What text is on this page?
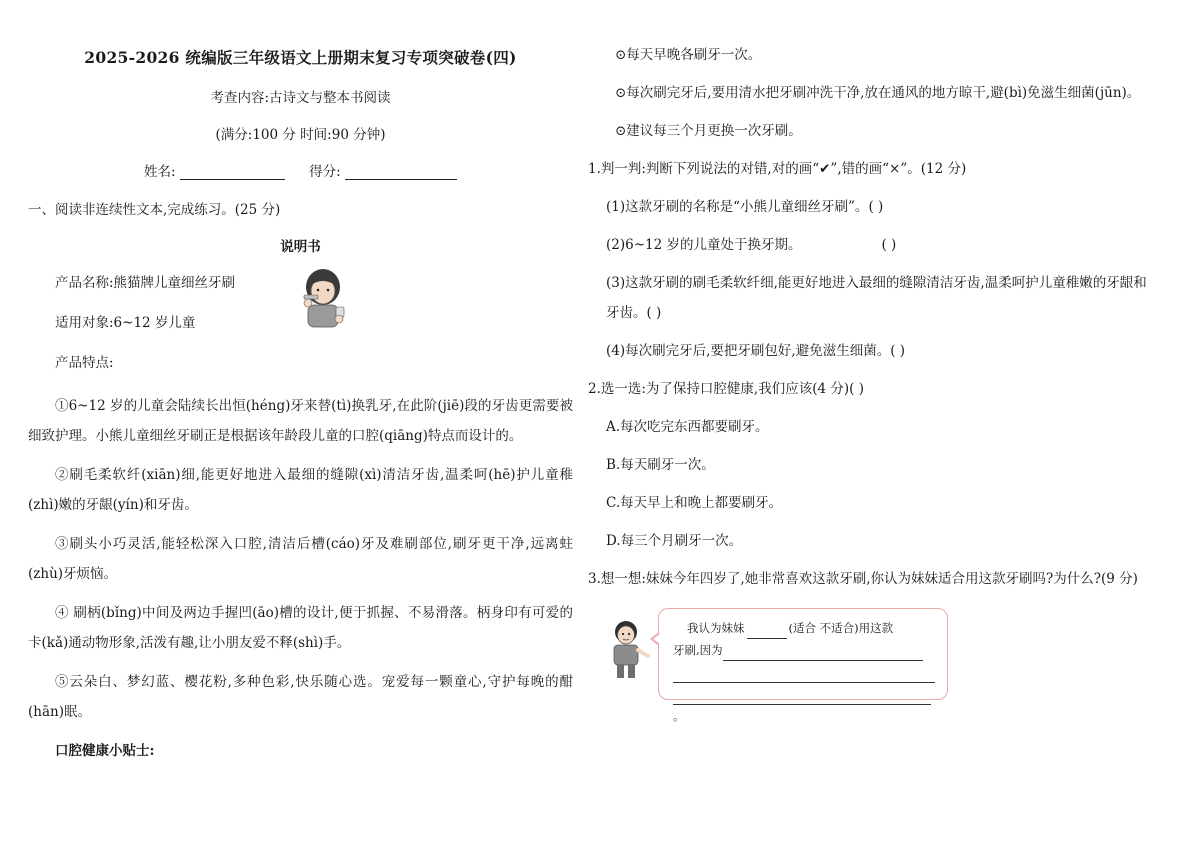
2025-2026 统编版三年级语文上册期末复习专项突破卷(四)
考查内容:古诗文与整本书阅读
(满分:100 分 时间:90 分钟)
姓名:	得分:
一、阅读非连续性文本,完成练习。(25 分)
说明书
产品名称:熊猫牌儿童细丝牙刷
适用对象:6~12 岁儿童
产品特点:
①6~12 岁的儿童会陆续长出恒(héng)牙来替(tì)换乳牙,在此阶(jiē)段的牙齿更需要被细致护理。小熊儿童细丝牙刷正是根据该年龄段儿童的口腔(qiāng)特点而设计的。
②刷毛柔软纤(xiān)细,能更好地进入最细的缝隙(xì)清洁牙齿,温柔呵(hē)护儿童稚(zhì)嫩的牙龈(yín)和牙齿。
③刷头小巧灵活,能轻松深入口腔,清洁后槽(cáo)牙及难刷部位,刷牙更干净,远离蛀(zhù)牙烦恼。
④ 刷柄(bǐng)中间及两边手握凹(āo)槽的设计,便于抓握、不易滑落。柄身印有可爱的卡(kǎ)通动物形象,活泼有趣,让小朋友爱不释(shì)手。
⑤云朵白、梦幻蓝、樱花粉,多种色彩,快乐随心选。宠爱每一颗童心,守护每晚的酣(hān)眠。
口腔健康小贴士:
⊙每天早晚各刷牙一次。
⊙每次刷完牙后,要用清水把牙刷冲洗干净,放在通风的地方晾干,避(bì)免滋生细菌(jūn)。
⊙建议每三个月更换一次牙刷。
1.判一判:判断下列说法的对错,对的画“✔”,错的画“×”。(12 分)
(1)这款牙刷的名称是“小熊儿童细丝牙刷”。( )
(2)6~12 岁的儿童处于换牙期。	( )
(3)这款牙刷的刷毛柔软纤细,能更好地进入最细的缝隙清洁牙齿,温柔呵护儿童稚嫩的牙龈和牙齿。( )
(4)每次刷完牙后,要把牙刷包好,避免滋生细菌。( )
2.选一选:为了保持口腔健康,我们应该(4 分)( )
A.每次吃完东西都要刷牙。
B.每天刷牙一次。
C.每天早上和晚上都要刷牙。
D.每三个月刷牙一次。
3.想一想:妹妹今年四岁了,她非常喜欢这款牙刷,你认为妹妹适合用这款牙刷吗?为什么?(9 分)
我认为妹妹	(适合 不适合)用这款
牙刷,因为
。
